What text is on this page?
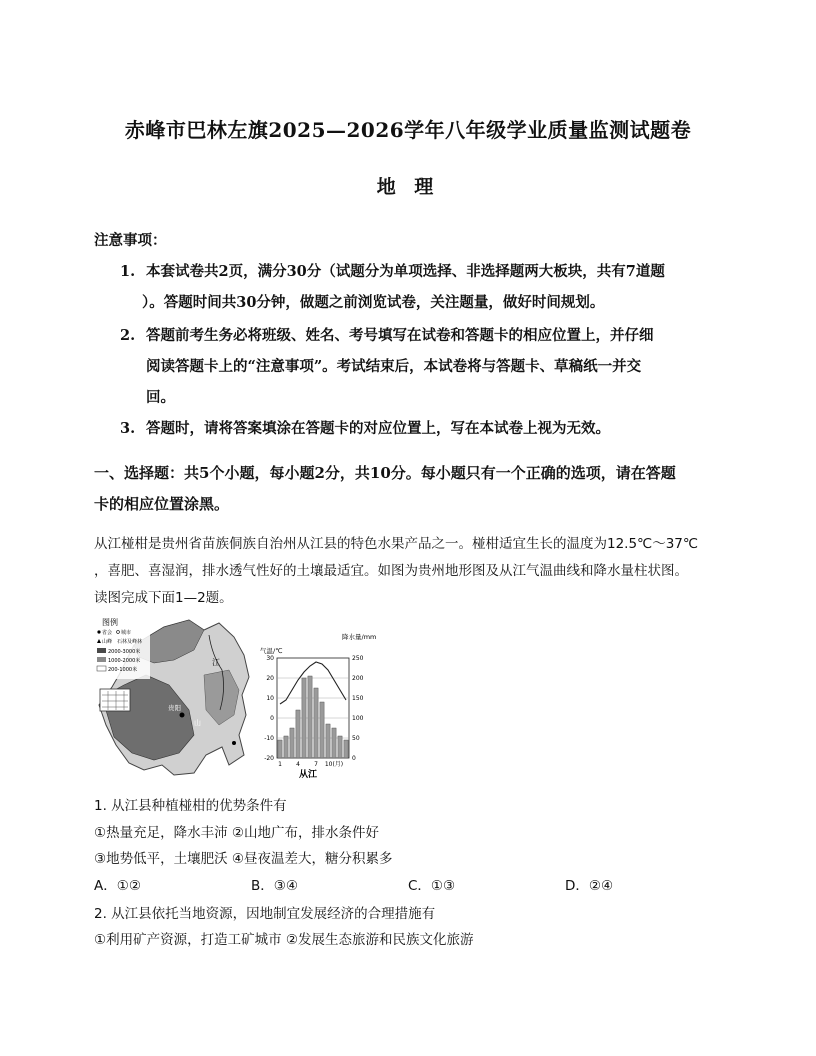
赤峰市巴林左旗2025—2026学年八年级学业质量监测试题卷
地 理
注意事项：
1. 本套试卷共2页，满分30分（试题分为单项选择、非选择题两大板块，共有7道题
）。答题时间共30分钟，做题之前浏览试卷，关注题量，做好时间规划。
2. 答题前考生务必将班级、姓名、考号填写在试卷和答题卡的相应位置上，并仔细
阅读答题卡上的“注意事项”。考试结束后，本试卷将与答题卡、草稿纸一并交
回。
3. 答题时，请将答案填涂在答题卡的对应位置上，写在本试卷上视为无效。
一、选择题：共5个小题，每小题2分，共10分。每小题只有一个正确的选项，请在答题
卡的相应位置涂黑。
从江椪柑是贵州省苗族侗族自治州从江县的特色水果产品之一。椪柑适宜生长的温度为12.5℃～37℃
，喜肥、喜湿润，排水透气性好的土壤最适宜。如图为贵州地形图及从江气温曲线和降水量柱状图。
读图完成下面1—2题。
江
贵阳
山
图例
省会 城市
山峰 石林及峰林
2000-3000米
1000-2000米
200-1000米
气温/℃
降水量/mm
30
20
10
0
-10
-20
250
200
150
100
50
0
1 4 7 10(月)
从江
1. 从江县种植椪柑的优势条件有
①热量充足，降水丰沛 ②山地广布，排水条件好
③地势低平，土壤肥沃 ④昼夜温差大，糖分积累多
A．①②	B．③④	C．①③	D．②④
2. 从江县依托当地资源，因地制宜发展经济的合理措施有
①利用矿产资源，打造工矿城市 ②发展生态旅游和民族文化旅游
